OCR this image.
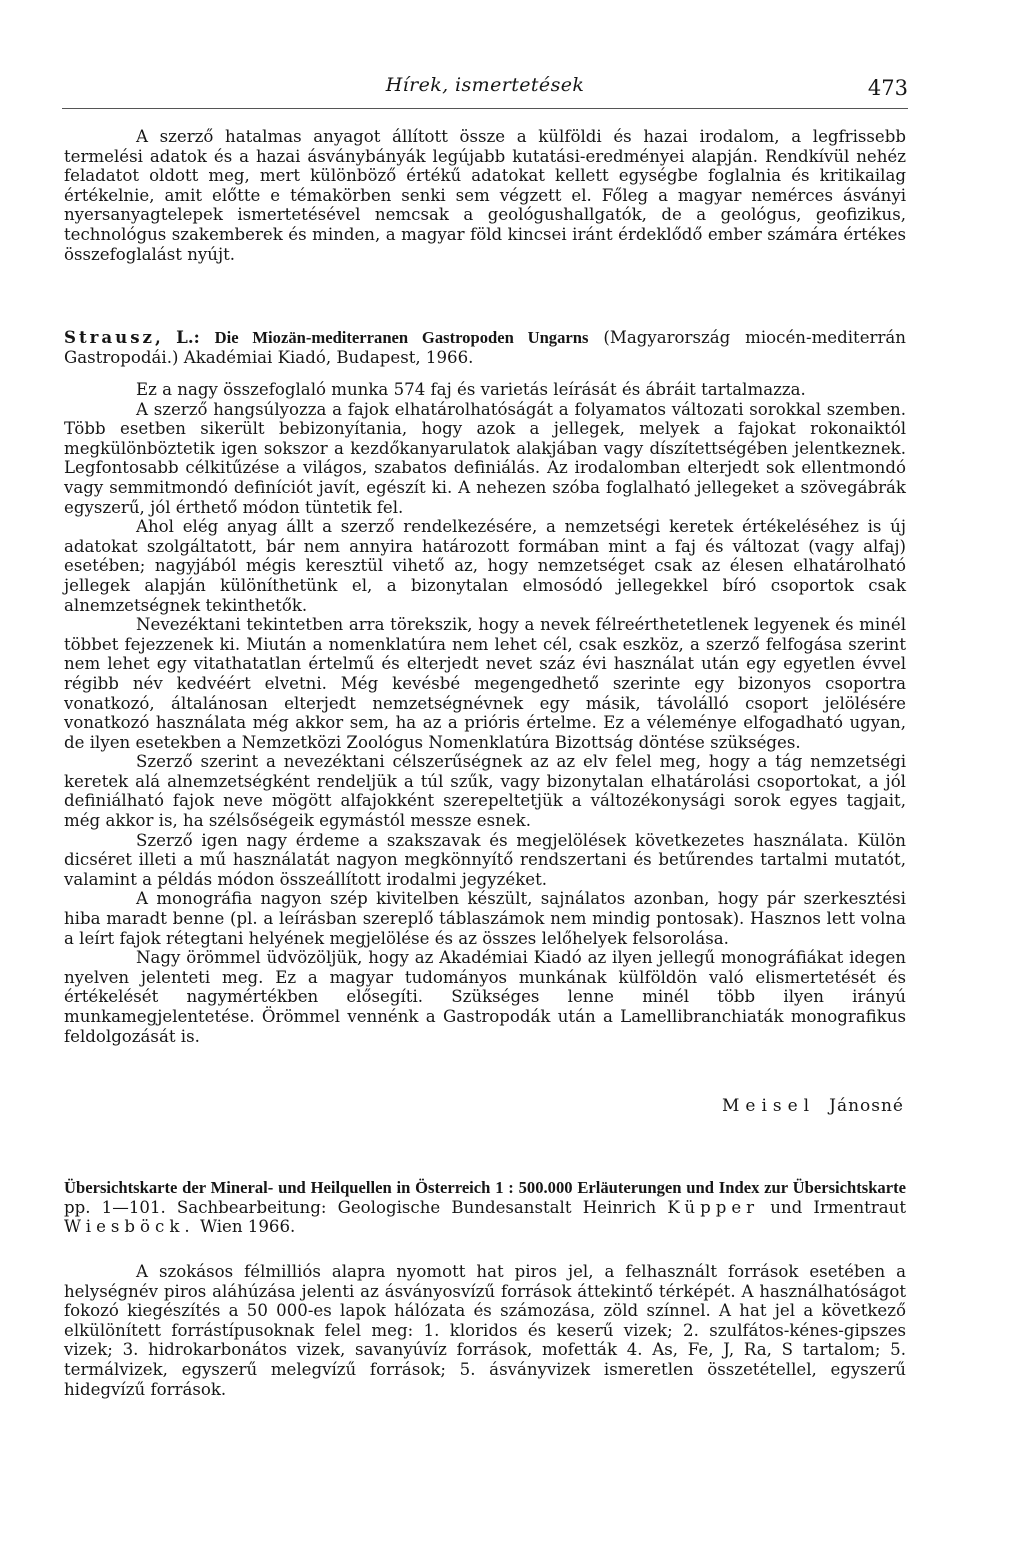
Hírek, ismertetések	473

A szerző hatalmas anyagot állított össze a külföldi és hazai irodalom, a legfrissebb termelési adatok és a hazai ásványbányák legújabb kutatási-eredményei alapján. Rendkívül nehéz feladatot oldott meg, mert különböző értékű adatokat kellett egységbe foglalnia és kritikailag értékelnie, amit előtte e témakörben senki sem végzett el. Főleg a magyar nemérces ásványi nyersanyagtelepek ismertetésével nemcsak a geológushallgatók, de a geológus, geofizikus, technológus szakemberek és minden, a magyar föld kincsei iránt érdeklődő ember számára értékes összefoglalást nyújt.

Strausz, L.: Die Miozän-mediterranen Gastropoden Ungarns (Magyarország miocén-mediterrán Gastropodái.) Akadémiai Kiadó, Budapest, 1966.

Ez a nagy összefoglaló munka 574 faj és varietás leírását és ábráit tartalmazza.

A szerző hangsúlyozza a fajok elhatárolhatóságát a folyamatos változati sorokkal szemben. Több esetben sikerült bebizonyítania, hogy azok a jellegek, melyek a fajokat rokonaiktól megkülönböztetik igen sokszor a kezdőkanyarulatok alakjában vagy díszítettségében jelentkeznek. Legfontosabb célkitűzése a világos, szabatos definiálás. Az irodalomban elterjedt sok ellentmondó vagy semmitmondó definíciót javít, egészít ki. A nehezen szóba foglalható jellegeket a szövegábrák egyszerű, jól érthető módon tüntetik fel.

Ahol elég anyag állt a szerző rendelkezésére, a nemzetségi keretek értékeléséhez is új adatokat szolgáltatott, bár nem annyira határozott formában mint a faj és változat (vagy alfaj) esetében; nagyjából mégis keresztül vihető az, hogy nemzetséget csak az élesen elhatárolható jellegek alapján különíthetünk el, a bizonytalan elmosódó jellegekkel bíró csoportok csak alnemzetségnek tekinthetők.

Nevezéktani tekintetben arra törekszik, hogy a nevek félreérthetetlenek legyenek és minél többet fejezzenek ki. Miután a nomenklatúra nem lehet cél, csak eszköz, a szerző felfogása szerint nem lehet egy vitathatatlan értelmű és elterjedt nevet száz évi használat után egy egyetlen évvel régibb név kedvéért elvetni. Még kevésbé megengedhető szerinte egy bizonyos csoportra vonatkozó, általánosan elterjedt nemzetségnévnek egy másik, távolálló csoport jelölésére vonatkozó használata még akkor sem, ha az a prióris értelme. Ez a véleménye elfogadható ugyan, de ilyen esetekben a Nemzetközi Zoológus Nomenklatúra Bizottság döntése szükséges.

Szerző szerint a nevezéktani célszerűségnek az az elv felel meg, hogy a tág nemzetségi keretek alá alnemzetségként rendeljük a túl szűk, vagy bizonytalan elhatárolási csoportokat, a jól definiálható fajok neve mögött alfajokként szerepeltetjük a változékonysági sorok egyes tagjait, még akkor is, ha szélsőségeik egymástól messze esnek.

Szerző igen nagy érdeme a szakszavak és megjelölések következetes használata. Külön dicséret illeti a mű használatát nagyon megkönnyítő rendszertani és betűrendes tartalmi mutatót, valamint a példás módon összeállított irodalmi jegyzéket.

A monográfia nagyon szép kivitelben készült, sajnálatos azonban, hogy pár szerkesztési hiba maradt benne (pl. a leírásban szereplő táblaszámok nem mindig pontosak). Hasznos lett volna a leírt fajok rétegtani helyének megjelölése és az összes lelőhelyek felsorolása.

Nagy örömmel üdvözöljük, hogy az Akadémiai Kiadó az ilyen jellegű monográfiákat idegen nyelven jelenteti meg. Ez a magyar tudományos munkának külföldön való elismertetését és értékelését nagymértékben elősegíti. Szükséges lenne minél több ilyen irányú munkamegjelentetése. Örömmel vennénk a Gastropodák után a Lamellibranchiaták monografikus feldolgozását is.

Meisel Jánosné
Übersichtskarte der Mineral- und Heilquellen in Österreich 1 : 500.000 Erläuterungen und Index zur Übersichtskarte pp. 1—101. Sachbearbeitung: Geologische Bundesanstalt Heinrich Küpper und Irmentraut Wiesböck. Wien 1966.

A szokásos félmilliós alapra nyomott hat piros jel, a felhasznált források esetében a helységnév piros aláhúzása jelenti az ásványosvízű források áttekintő térképét. A használhatóságot fokozó kiegészítés a 50 000-es lapok hálózata és számozása, zöld színnel. A hat jel a következő elkülönített forrástípusoknak felel meg: 1. kloridos és keserű vizek; 2. szulfátos-kénes-gipszes vizek; 3. hidrokarbonátos vizek, savanyúvíz források, mofetták 4. As, Fe, J, Ra, S tartalom; 5. termálvizek, egyszerű melegvízű források; 5. ásványvizek ismeretlen összetétellel, egyszerű hidegvízű források.
